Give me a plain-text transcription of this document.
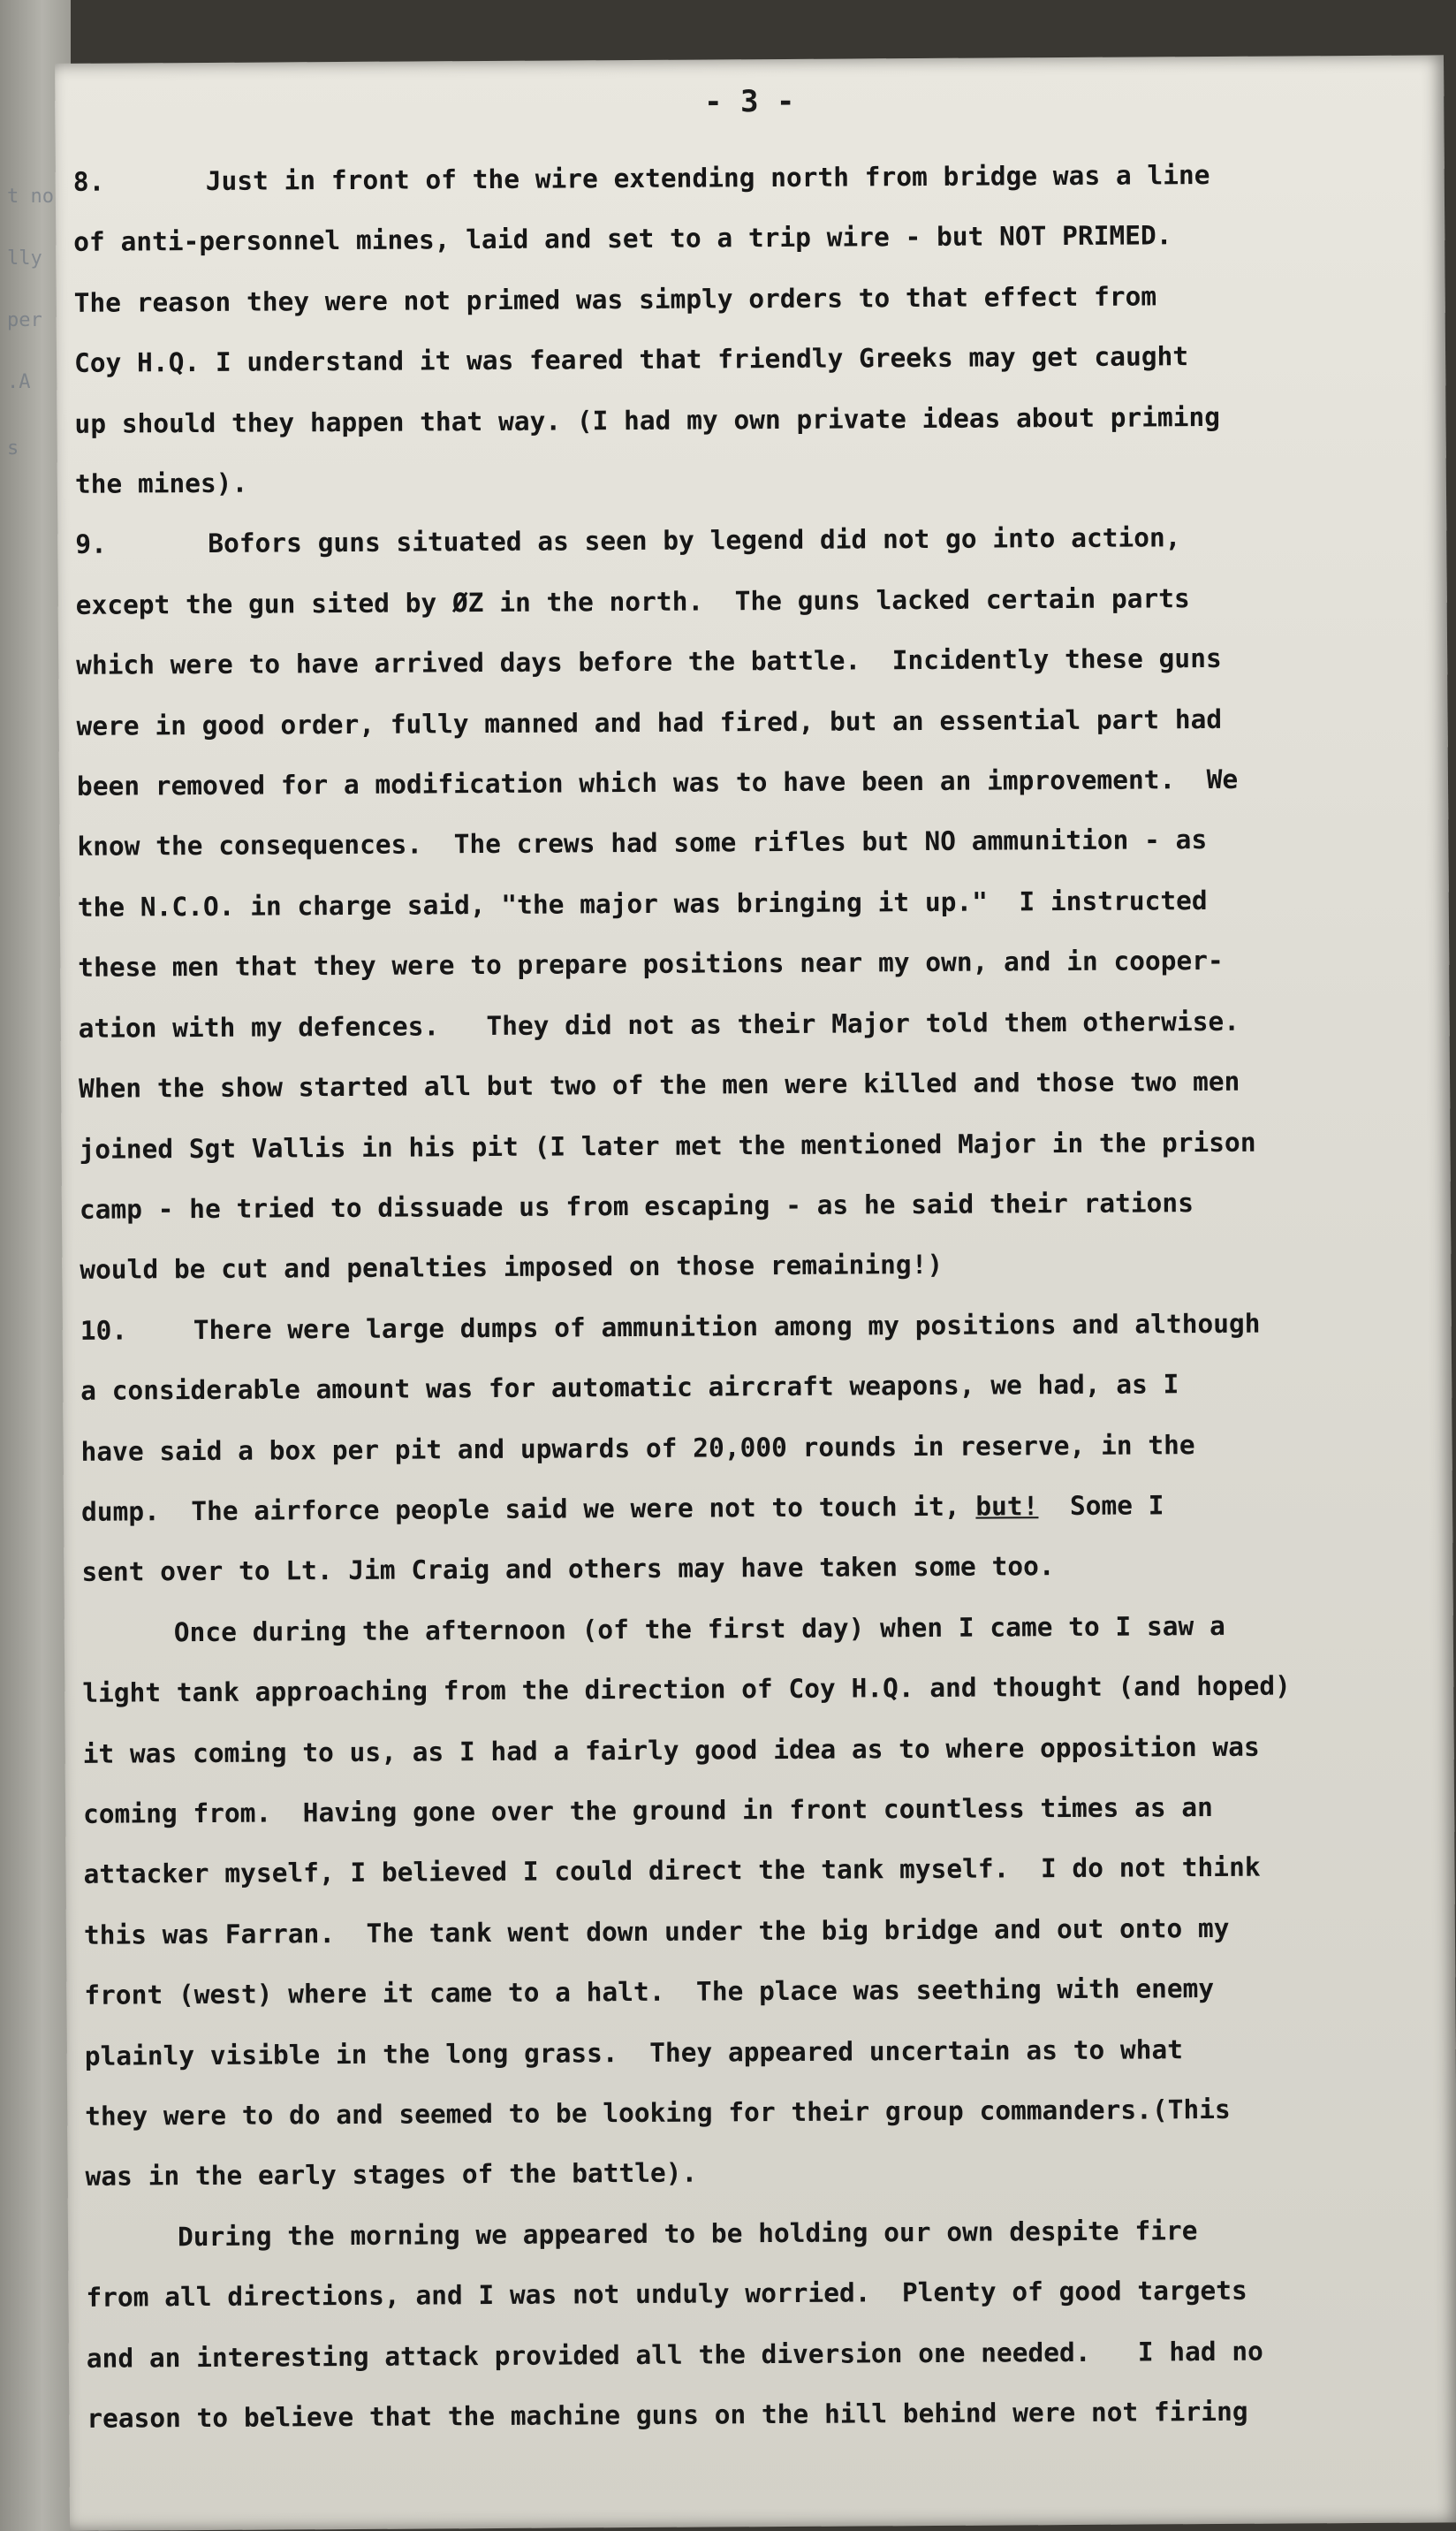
t no
lly
per
.A
s
- 3 -
8.	Just in front of the wire extending north from bridge was a line
of anti-personnel mines, laid and set to a trip wire - but NOT PRIMED.
The reason they were not primed was simply orders to that effect from
Coy H.Q. I understand it was feared that friendly Greeks may get caught
up should they happen that way. (I had my own private ideas about priming
the mines).
9.	Bofors guns situated as seen by legend did not go into action,
except the gun sited by ØZ in the north.  The guns lacked certain parts
which were to have arrived days before the battle.  Incidently these guns
were in good order, fully manned and had fired, but an essential part had
been removed for a modification which was to have been an improvement.  We
know the consequences.  The crews had some rifles but NO ammunition - as
the N.C.O. in charge said, "the major was bringing it up."  I instructed
these men that they were to prepare positions near my own, and in cooper-
ation with my defences.   They did not as their Major told them otherwise.
When the show started all but two of the men were killed and those two men
joined Sgt Vallis in his pit (I later met the mentioned Major in the prison
camp - he tried to dissuade us from escaping - as he said their rations
would be cut and penalties imposed on those remaining!)
10.	There were large dumps of ammunition among my positions and although
a considerable amount was for automatic aircraft weapons, we had, as I
have said a box per pit and upwards of 20,000 rounds in reserve, in the
dump.  The airforce people said we were not to touch it, but!  Some I
sent over to Lt. Jim Craig and others may have taken some too.
Once during the afternoon (of the first day) when I came to I saw a
light tank approaching from the direction of Coy H.Q. and thought (and hoped)
it was coming to us, as I had a fairly good idea as to where opposition was
coming from.  Having gone over the ground in front countless times as an
attacker myself, I believed I could direct the tank myself.  I do not think
this was Farran.  The tank went down under the big bridge and out onto my
front (west) where it came to a halt.  The place was seething with enemy
plainly visible in the long grass.  They appeared uncertain as to what
they were to do and seemed to be looking for their group commanders.(This
was in the early stages of the battle).
During the morning we appeared to be holding our own despite fire
from all directions, and I was not unduly worried.  Plenty of good targets
and an interesting attack provided all the diversion one needed.   I had no
reason to believe that the machine guns on the hill behind were not firing
